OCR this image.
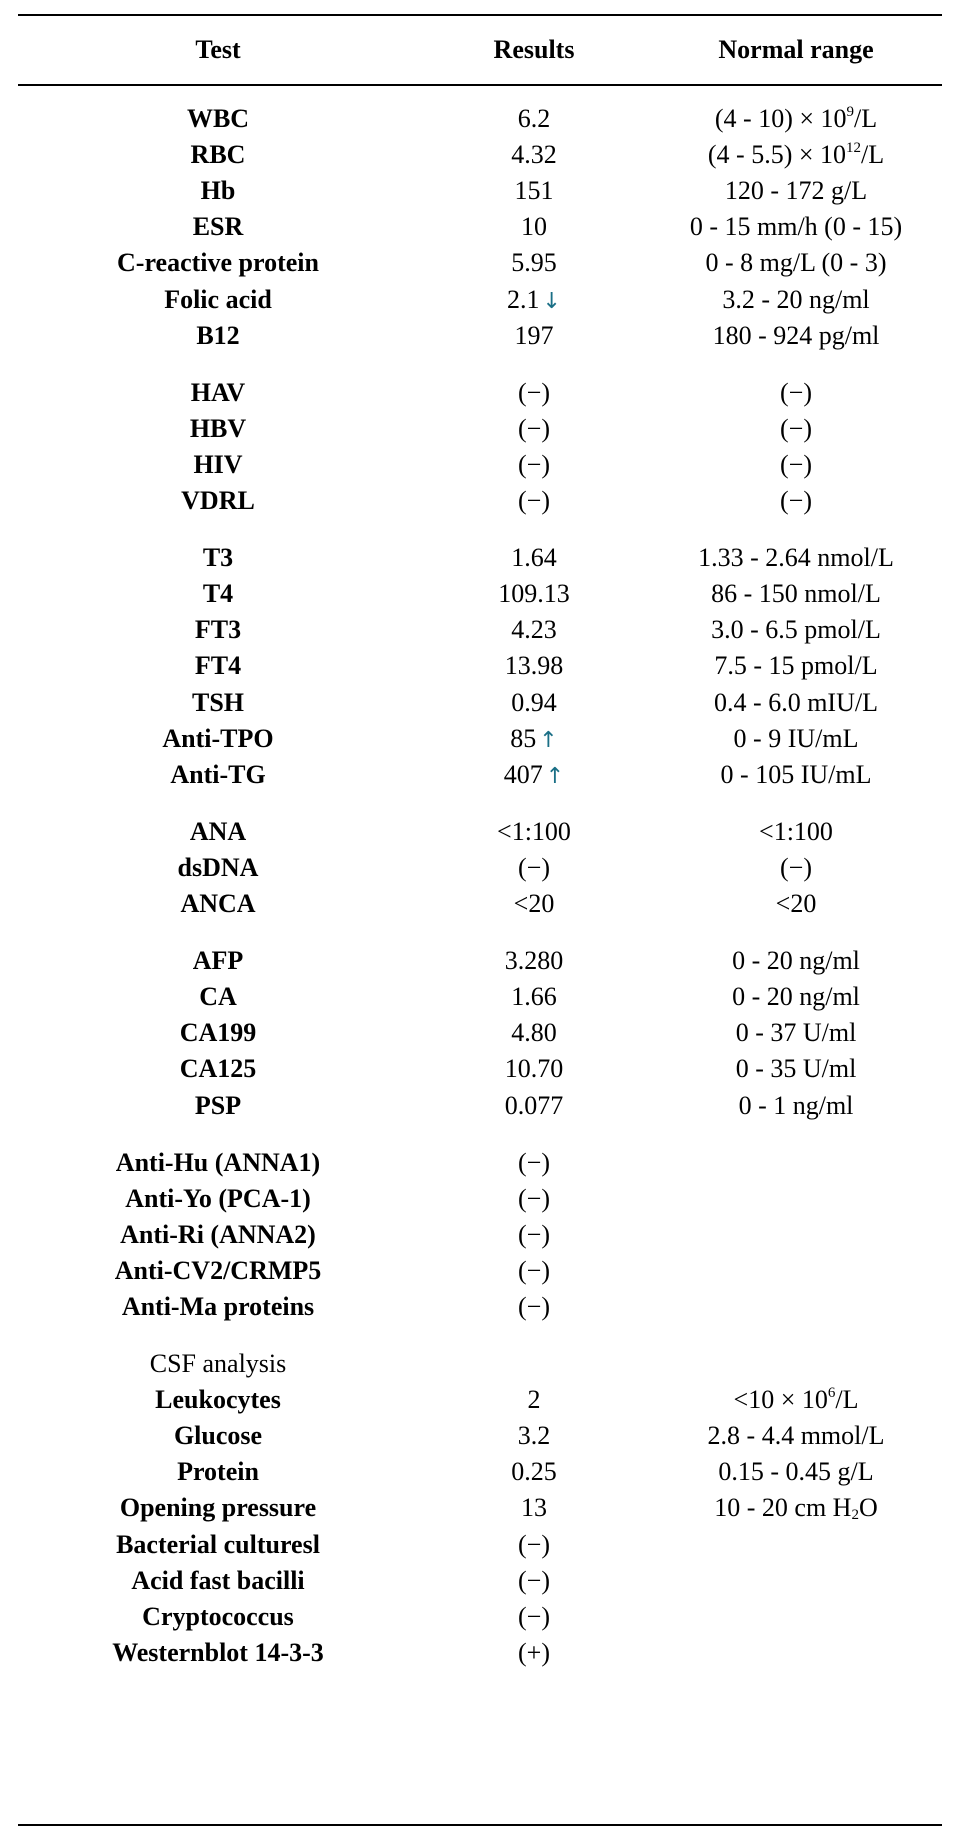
Test	Results	Normal range
WBC	6.2	$(4 - 10) \times 10^9/L$
RBC	4.32	$(4 - 5.5) \times 10^{12}/L$
Hb	151	120 - 172 g/L
ESR	10	0 - 15 mm/h (0 - 15)
C-reactive protein	5.95	0 - 8 mg/L (0 - 3)
Folic acid	2.1 ↓	3.2 - 20 ng/ml
B12	197	180 - 924 pg/ml
HAV	(−)	(−)
HBV	(−)	(−)
HIV	(−)	(−)
VDRL	(−)	(−)
T3	1.64	1.33 - 2.64 nmol/L
T4	109.13	86 - 150 nmol/L
FT3	4.23	3.0 - 6.5 pmol/L
FT4	13.98	7.5 - 15 pmol/L
TSH	0.94	0.4 - 6.0 mIU/L
Anti-TPO	85 ↑	0 - 9 IU/mL
Anti-TG	407 ↑	0 - 105 IU/mL
ANA	<1:100	<1:100
dsDNA	(−)	(−)
ANCA	<20	<20
AFP	3.280	0 - 20 ng/ml
CA	1.66	0 - 20 ng/ml
CA199	4.80	0 - 37 U/ml
CA125	10.70	0 - 35 U/ml
PSP	0.077	0 - 1 ng/ml
Anti-Hu (ANNA1)	(−)
Anti-Yo (PCA-1)	(−)
Anti-Ri (ANNA2)	(−)
Anti-CV2/CRMP5	(−)
Anti-Ma proteins	(−)
CSF analysis
Leukocytes	2	$<10 \times 10^6/L$
Glucose	3.2	2.8 - 4.4 mmol/L
Protein	0.25	0.15 - 0.45 g/L
Opening pressure	13	10 - 20 cm $H_2O$
Bacterial culturesl	(−)
Acid fast bacilli	(−)
Cryptococcus	(−)
Westernblot 14-3-3	(+)
